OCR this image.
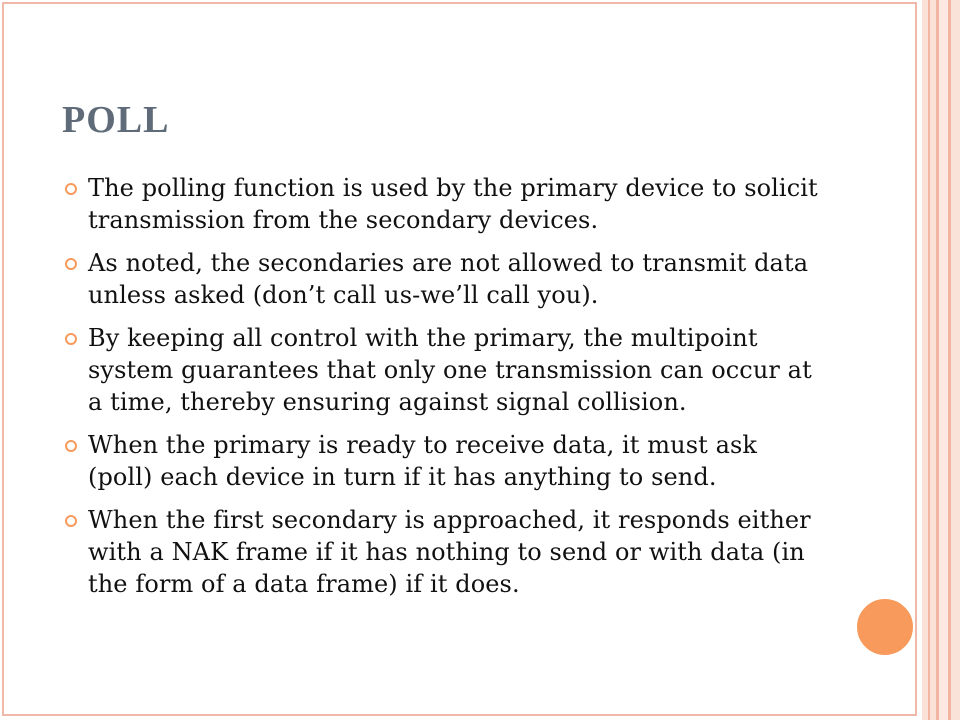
POLL
The polling function is used by the primary device to solicit transmission from the secondary devices.
As noted, the secondaries are not allowed to transmit data unless asked (don’t call us-we’ll call you).
By keeping all control with the primary, the multipoint system guarantees that only one transmission can occur at a time, thereby ensuring against signal collision.
When the primary is ready to receive data, it must ask (poll) each device in turn if it has anything to send.
When the first secondary is approached, it responds either with a NAK frame if it has nothing to send or with data (in the form of a data frame) if it does.
